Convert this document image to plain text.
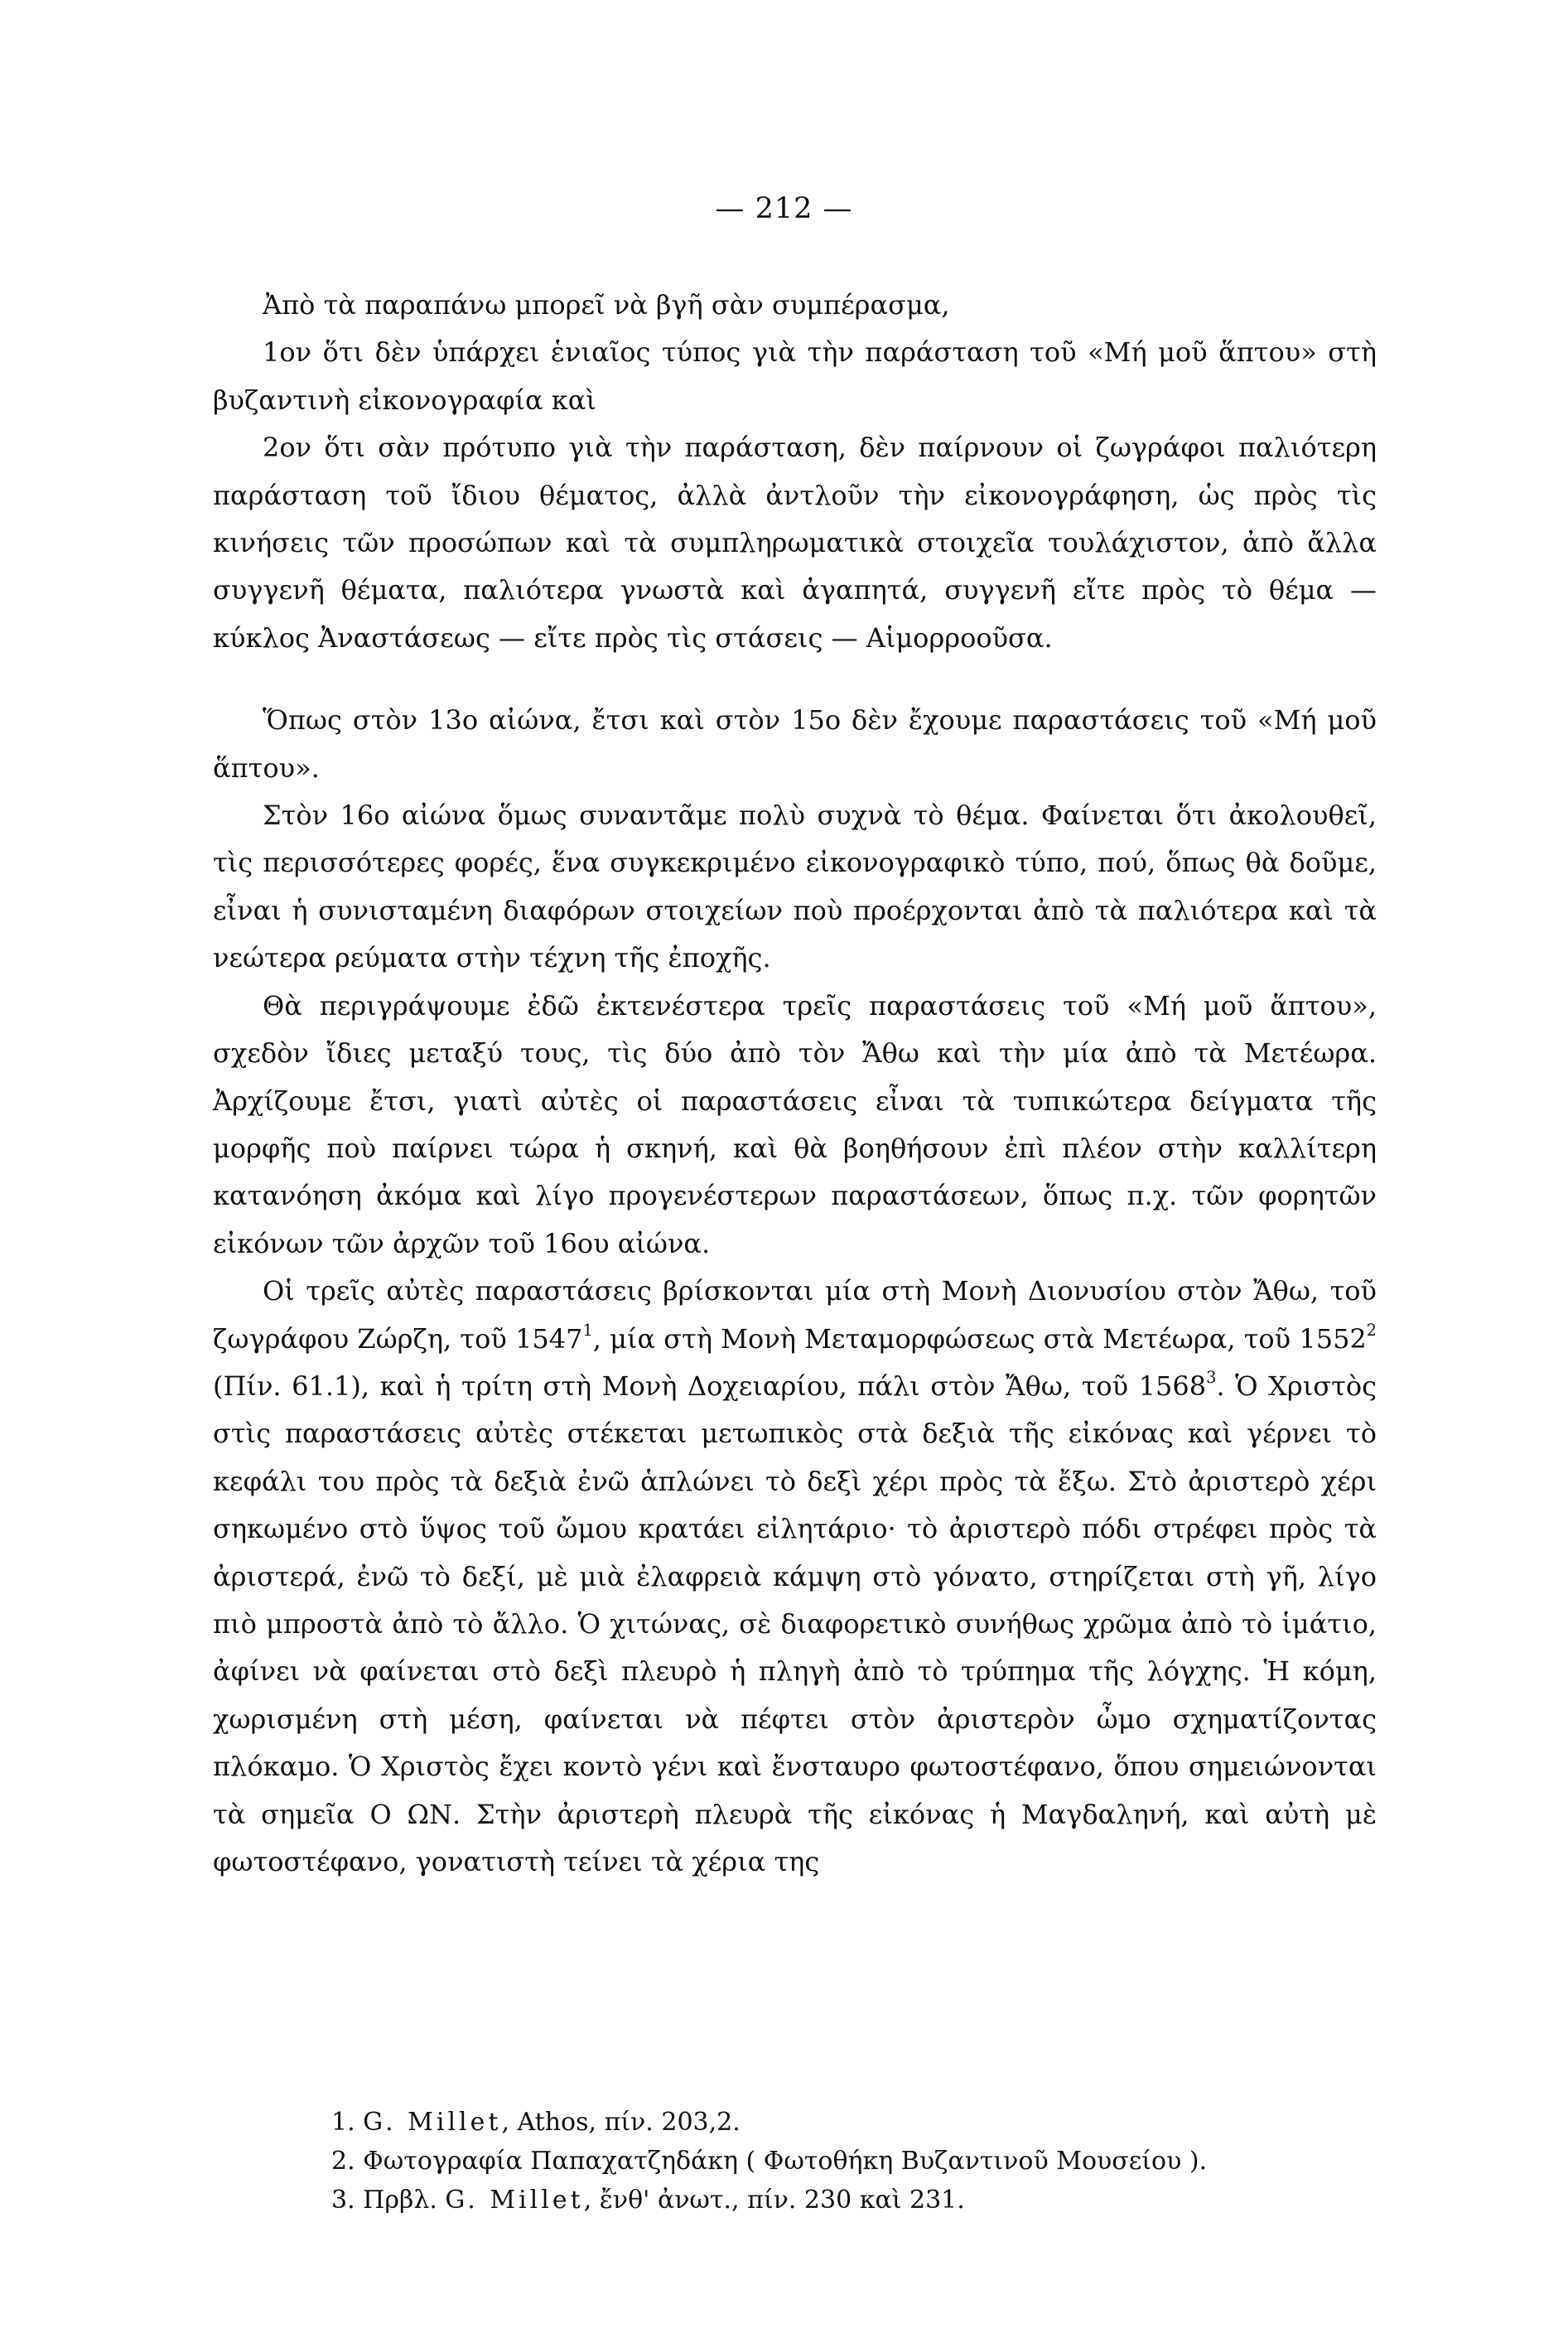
— 212 —

Ἀπὸ τὰ παραπάνω μπορεῖ νὰ βγῆ σὰν συμπέρασμα,

1ον ὅτι δὲν ὑπάρχει ἑνιαῖος τύπος γιὰ τὴν παράσταση τοῦ «Μή μοῦ ἅπτου» στὴ βυζαντινὴ εἰκονογραφία καὶ

2ον ὅτι σὰν πρότυπο γιὰ τὴν παράσταση, δὲν παίρνουν οἱ ζωγράφοι παλιότερη παράσταση τοῦ ἴδιου θέματος, ἀλλὰ ἀντλοῦν τὴν εἰκονογράφηση, ὡς πρὸς τὶς κινήσεις τῶν προσώπων καὶ τὰ συμπληρωματικὰ στοιχεῖα τουλάχιστον, ἀπὸ ἄλλα συγγενῆ θέματα, παλιότερα γνωστὰ καὶ ἀγαπητά, συγγενῆ εἴτε πρὸς τὸ θέμα — κύκλος Ἀναστάσεως — εἴτε πρὸς τὶς στάσεις — Αἱμορροοῦσα.

Ὅπως στὸν 13ο αἰώνα, ἔτσι καὶ στὸν 15ο δὲν ἔχουμε παραστάσεις τοῦ «Μή μοῦ ἅπτου».

Στὸν 16ο αἰώνα ὅμως συναντᾶμε πολὺ συχνὰ τὸ θέμα. Φαίνεται ὅτι ἀκολουθεῖ, τὶς περισσότερες φορές, ἕνα συγκεκριμένο εἰκονογραφικὸ τύπο, πού, ὅπως θὰ δοῦμε, εἶναι ἡ συνισταμένη διαφόρων στοιχείων ποὺ προέρχονται ἀπὸ τὰ παλιότερα καὶ τὰ νεώτερα ρεύματα στὴν τέχνη τῆς ἐποχῆς.

Θὰ περιγράψουμε ἐδῶ ἐκτενέστερα τρεῖς παραστάσεις τοῦ «Μή μοῦ ἅπτου», σχεδὸν ἴδιες μεταξύ τους, τὶς δύο ἀπὸ τὸν Ἄθω καὶ τὴν μία ἀπὸ τὰ Μετέωρα. Ἀρχίζουμε ἔτσι, γιατὶ αὐτὲς οἱ παραστάσεις εἶναι τὰ τυπικώτερα δείγματα τῆς μορφῆς ποὺ παίρνει τώρα ἡ σκηνή, καὶ θὰ βοηθήσουν ἐπὶ πλέον στὴν καλλίτερη κατανόηση ἀκόμα καὶ λίγο προγενέστερων παραστάσεων, ὅπως π.χ. τῶν φορητῶν εἰκόνων τῶν ἀρχῶν τοῦ 16ου αἰώνα.

Οἱ τρεῖς αὐτὲς παραστάσεις βρίσκονται μία στὴ Μονὴ Διονυσίου στὸν Ἄθω, τοῦ ζωγράφου Ζώρζη, τοῦ 1547$^1$, μία στὴ Μονὴ Μεταμορφώσεως στὰ Μετέωρα, τοῦ 1552$^2$ (Πίν. 61.1), καὶ ἡ τρίτη στὴ Μονὴ Δοχειαρίου, πάλι στὸν Ἄθω, τοῦ 1568$^3$. Ὁ Χριστὸς στὶς παραστάσεις αὐτὲς στέκεται μετωπικὸς στὰ δεξιὰ τῆς εἰκόνας καὶ γέρνει τὸ κεφάλι του πρὸς τὰ δεξιὰ ἐνῶ ἁπλώνει τὸ δεξὶ χέρι πρὸς τὰ ἔξω. Στὸ ἀριστερὸ χέρι σηκωμένο στὸ ὕψος τοῦ ὤμου κρατάει εἰλητάριο· τὸ ἀριστερὸ πόδι στρέφει πρὸς τὰ ἀριστερά, ἐνῶ τὸ δεξί, μὲ μιὰ ἐλαφρειὰ κάμψη στὸ γόνατο, στηρίζεται στὴ γῆ, λίγο πιὸ μπροστὰ ἀπὸ τὸ ἄλλο. Ὁ χιτώνας, σὲ διαφορετικὸ συνήθως χρῶμα ἀπὸ τὸ ἱμάτιο, ἀφίνει νὰ φαίνεται στὸ δεξὶ πλευρὸ ἡ πληγὴ ἀπὸ τὸ τρύπημα τῆς λόγχης. Ἡ κόμη, χωρισμένη στὴ μέση, φαίνεται νὰ πέφτει στὸν ἀριστερὸν ὦμο σχηματίζοντας πλόκαμο. Ὁ Χριστὸς ἔχει κοντὸ γένι καὶ ἔνσταυρο φωτοστέφανο, ὅπου σημειώνονται τὰ σημεῖα Ο ΩΝ. Στὴν ἀριστερὴ πλευρὰ τῆς εἰκόνας ἡ Μαγδαληνή, καὶ αὐτὴ μὲ φωτοστέφανο, γονατιστὴ τείνει τὰ χέρια της

1. G. Millet, Athos, πίν. 203,2.

2. Φωτογραφία Παπαχατζηδάκη ( Φωτοθήκη Βυζαντινοῦ Μουσείου ).

3. Πρβλ. G. Millet, ἔνθ' ἀνωτ., πίν. 230 καὶ 231.
